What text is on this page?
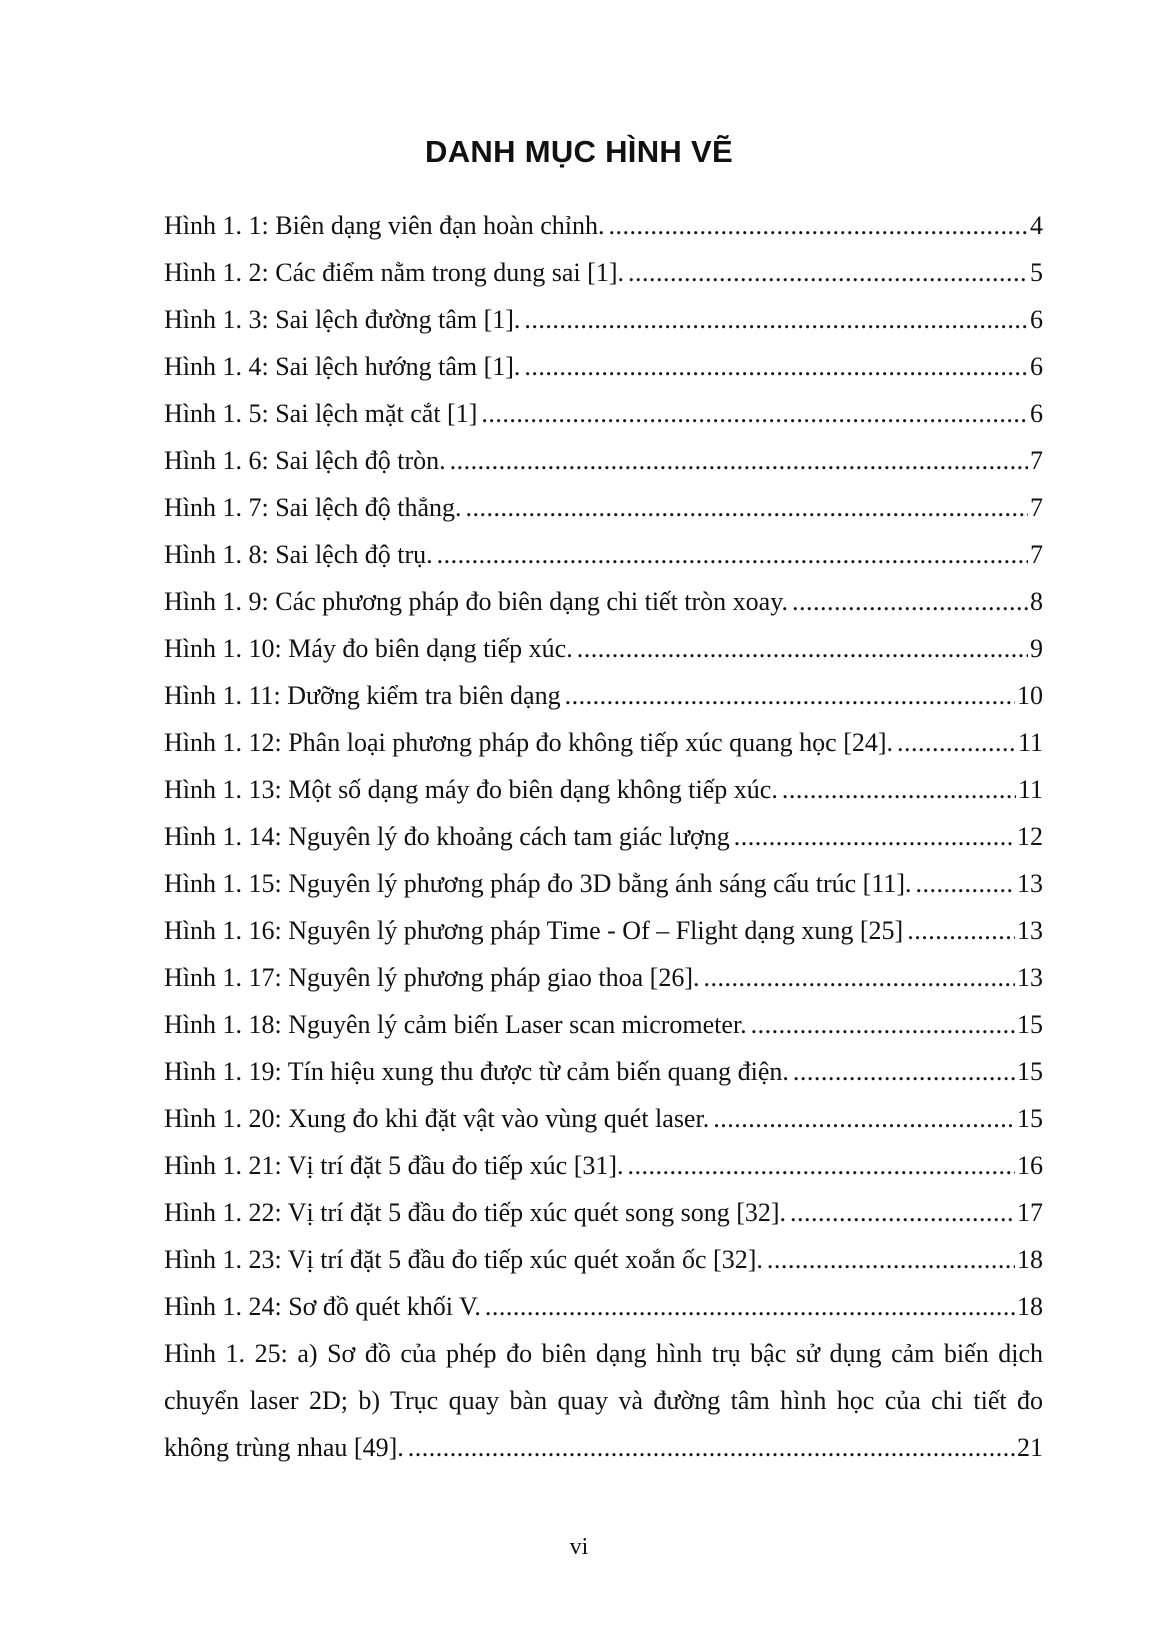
DANH MỤC HÌNH VẼ
Hình 1. 1: Biên dạng viên đạn hoàn chỉnh. . . .	4
Hình 1. 2: Các điểm nằm trong dung sai [1]. . . .	5
Hình 1. 3: Sai lệch đường tâm [1]. . . .	6
Hình 1. 4: Sai lệch hướng tâm [1]. . . .	6
Hình 1. 5: Sai lệch mặt cắt [1] . . .	6
Hình 1. 6: Sai lệch độ tròn. . . .	7
Hình 1. 7: Sai lệch độ thẳng. . . .	7
Hình 1. 8: Sai lệch độ trụ. . . .	7
Hình 1. 9: Các phương pháp đo biên dạng chi tiết tròn xoay. . . .	8
Hình 1. 10: Máy đo biên dạng tiếp xúc. . . .	9
Hình 1. 11: Dưỡng kiểm tra biên dạng . . .	10
Hình 1. 12: Phân loại phương pháp đo không tiếp xúc quang học [24]. . . .	11
Hình 1. 13: Một số dạng máy đo biên dạng không tiếp xúc. . . .	11
Hình 1. 14: Nguyên lý đo khoảng cách tam giác lượng . . .	12
Hình 1. 15: Nguyên lý phương pháp đo 3D bằng ánh sáng cấu trúc [11]. . . .	13
Hình 1. 16: Nguyên lý phương pháp Time - Of – Flight dạng xung [25] . . .	13
Hình 1. 17: Nguyên lý phương pháp giao thoa [26]. . . .	13
Hình 1. 18: Nguyên lý cảm biến Laser scan micrometer. . . .	15
Hình 1. 19: Tín hiệu xung thu được từ cảm biến quang điện. . . .	15
Hình 1. 20: Xung đo khi đặt vật vào vùng quét laser. . . .	15
Hình 1. 21: Vị trí đặt 5 đầu đo tiếp xúc [31]. . . .	16
Hình 1. 22: Vị trí đặt 5 đầu đo tiếp xúc quét song song [32]. . . .	17
Hình 1. 23: Vị trí đặt 5 đầu đo tiếp xúc quét xoắn ốc [32]. . . .	18
Hình 1. 24: Sơ đồ quét khối V. . . .	18
Hình 1. 25: a) Sơ đồ của phép đo biên dạng hình trụ bậc sử dụng cảm biến dịch
chuyển laser 2D; b) Trục quay bàn quay và đường tâm hình học của chi tiết đo
không trùng nhau [49]. . . .	21

vi
